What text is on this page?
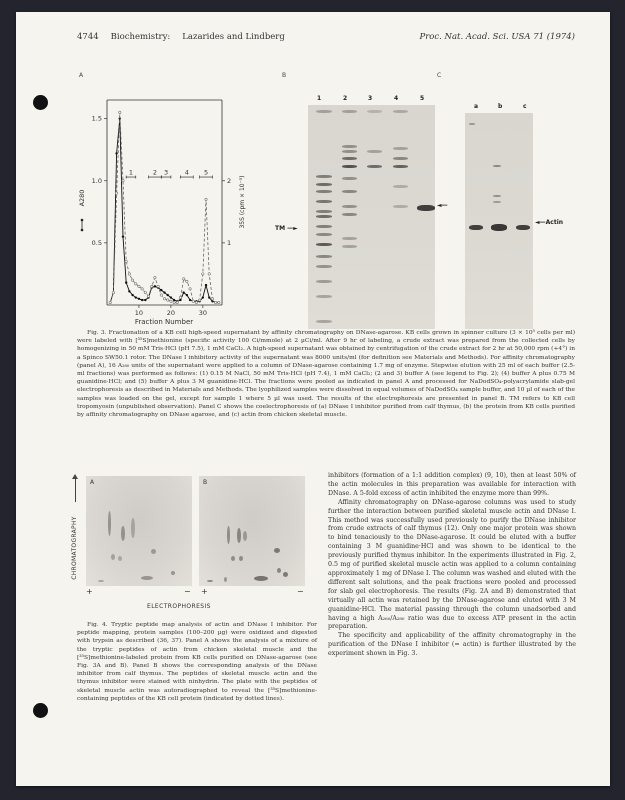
4744 Biochemistry: Lazarides and Lindberg	Proc. Nat. Acad. Sci. USA 71 (1974)
A	B	C
10	20	30
0.5
1.0
1.5
1
2
1	2 3	4 5
Fraction Number
A280	35S (cpm × 10⁻⁵)
1	2	3	4	5
TM —►
◄—
a	b	c
◄—Actin

Fig. 3. Fractionation of a KB cell high-speed supernatant by affinity chromatography on DNase-agarose. KB cells grown in spinner culture (3 × 10⁵ cells per ml) were labeled with [³⁵S]methionine (specific activity 100 Ci/mmole) at 2 µCi/ml. After 9 hr of labeling, a crude extract was prepared from the collected cells by homogenizing in 50 mM Tris·HCl (pH 7.5), 1 mM CaCl₂. A high-speed supernatant was obtained by centrifugation of the crude extract for 2 hr at 50,000 rpm (+4°) in a Spinco SW50.1 rotor. The DNase I inhibitory activity of the supernatant was 8000 units/ml (for definition see Materials and Methods). For affinity chromatography (panel A), 16 A₂₈₀ units of the supernatant were applied to a column of DNase-agarose containing 1.7 mg of enzyme. Stepwise elution with 25 ml of each buffer (2.5-ml fractions) was performed as follows: (1) 0.15 M NaCl, 50 mM Tris·HCl (pH 7.4), 1 mM CaCl₂; (2 and 3) buffer A (see legend to Fig. 2); (4) buffer A plus 0.75 M guanidine·HCl; and (5) buffer A plus 3 M guanidine·HCl. The fractions were pooled as indicated in panel A and processed for NaDodSO₄-polyacrylamide slab-gel electrophoresis as described in Materials and Methods. The lyophilized samples were dissolved in equal volumes of NaDodSO₄ sample buffer, and 10 µl of each of the samples was loaded on the gel, except for sample 1 where 5 µl was used. The results of the electrophoresis are presented in panel B. TM refers to KB cell tropomyosin (unpublished observation). Panel C shows the coelectrophoresis of (a) DNase I inhibitor purified from calf thymus, (b) the protein from KB cells purified by affinity chromatography on DNase agarose, and (c) actin from chicken skeletal muscle.

A	B
CHROMATOGRAPHY
+	− +	−
ELECTROPHORESIS

Fig. 4. Tryptic peptide map analysis of actin and DNase I inhibitor. For peptide mapping, protein samples (100–200 µg) were oxidized and digested with trypsin as described (36, 37). Panel A shows the analysis of a mixture of the tryptic peptides of actin from chicken skeletal muscle and the [³⁵S]methionine-labeled protein from KB cells purified on DNase-agarose (see Fig. 3A and B). Panel B shows the corresponding analysis of the DNase inhibitor from calf thymus. The peptides of skeletal muscle actin and the thymus inhibitor were stained with ninhydrin. The plate with the peptides of skeletal muscle actin was autoradiographed to reveal the [³⁵S]methionine-containing peptides of the KB cell protein (indicated by dotted lines).

inhibitors (formation of a 1:1 addition complex) (9, 10), then at least 50% of the actin molecules in this preparation was available for interaction with DNase. A 5-fold excess of actin inhibited the enzyme more than 99%.

Affinity chromatography on DNase-agarose columns was used to study further the interaction between purified skeletal muscle actin and DNase I. This method was successfully used previously to purify the DNase inhibitor from crude extracts of calf thymus (12). Only one major protein was shown to bind tenaciously to the DNase-agarose. It could be eluted with a buffer containing 3 M guanidine·HCl and was shown to be identical to the previously purified thymus inhibitor. In the experiments illustrated in Fig. 2, 0.5 mg of purified skeletal muscle actin was applied to a column containing approximately 1 mg of DNase I. The column was washed and eluted with the different salt solutions, and the peak fractions were pooled and processed for slab gel electrophoresis. The results (Fig. 2A and B) demonstrated that virtually all actin was retained by the DNase-agarose and eluted with 3 M guanidine·HCl. The material passing through the column unadsorbed and having a high A₂₆₀/A₂₈₀ ratio was due to excess ATP present in the actin preparation.

The specificity and applicability of the affinity chromatography in the purification of the DNase I inhibitor (= actin) is further illustrated by the experiment shown in Fig. 3.
